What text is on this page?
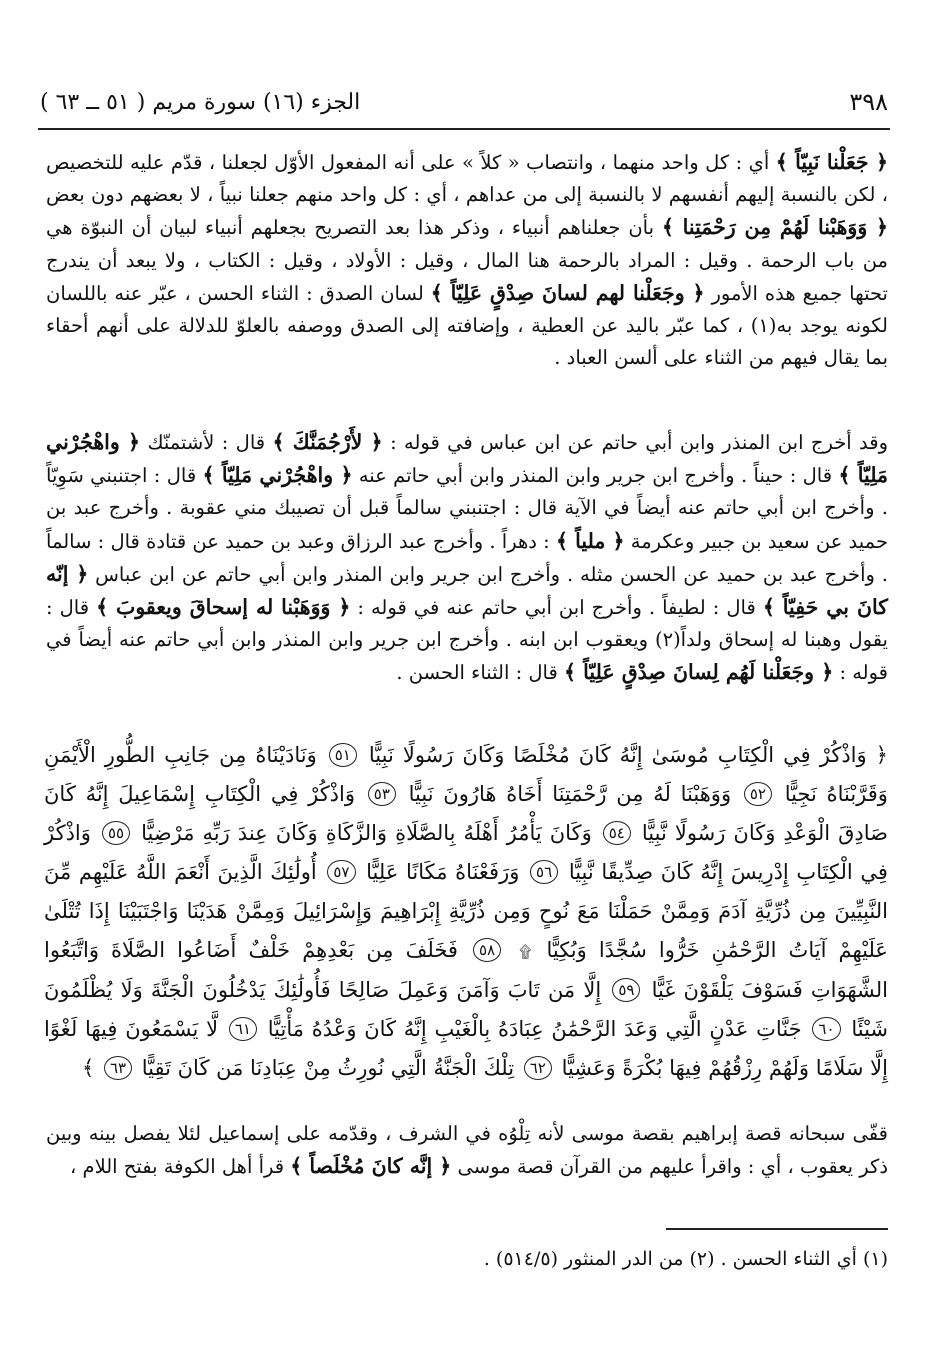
الجزء (١٦) سورة مريم ( ٥١ ــ ٦٣ )	٣٩٨
﴿ جَعَلْنا نَبِيّاً ﴾ أي : كل واحد منهما ، وانتصاب « كلاً » على أنه المفعول الأوّل لجعلنا ، قدّم عليه للتخصيص ، لكن بالنسبة إليهم أنفسهم لا بالنسبة إلى من عداهم ، أي : كل واحد منهم جعلنا نبياً ، لا بعضهم دون بعض ﴿ وَوَهَبْنا لَهُمْ مِن رَحْمَتِنا ﴾ بأن جعلناهم أنبياء ، وذكر هذا بعد التصريح بجعلهم أنبياء لبيان أن النبوّة هي من باب الرحمة . وقيل : المراد بالرحمة هنا المال ، وقيل : الأولاد ، وقيل : الكتاب ، ولا يبعد أن يندرج تحتها جميع هذه الأمور ﴿ وجَعَلْنا لهم لسانَ صِدْقٍ عَلِيّاً ﴾ لسان الصدق : الثناء الحسن ، عبّر عنه باللسان لكونه يوجد به(١) ، كما عبّر باليد عن العطية ، وإضافته إلى الصدق ووصفه بالعلوّ للدلالة على أنهم أحقاء بما يقال فيهم من الثناء على ألسن العباد .
وقد أخرج ابن المنذر وابن أبي حاتم عن ابن عباس في قوله : ﴿ لأَرْجُمَنَّكَ ﴾ قال : لأشتمنّك ﴿ واهْجُرْني مَلِيّاً ﴾ قال : حيناً . وأخرج ابن جرير وابن المنذر وابن أبي حاتم عنه ﴿ واهْجُرْني مَلِيّاً ﴾ قال : اجتنبني سَوِيّاً . وأخرج ابن أبي حاتم عنه أيضاً في الآية قال : اجتنبني سالماً قبل أن تصيبك مني عقوبة . وأخرج عبد بن حميد عن سعيد بن جبير وعكرمة ﴿ ملياً ﴾ : دهراً . وأخرج عبد الرزاق وعبد بن حميد عن قتادة قال : سالماً . وأخرج عبد بن حميد عن الحسن مثله . وأخرج ابن جرير وابن المنذر وابن أبي حاتم عن ابن عباس ﴿ إنّه كانَ بي حَفِيّاً ﴾ قال : لطيفاً . وأخرج ابن أبي حاتم عنه في قوله : ﴿ وَوَهَبْنا له إسحاقَ ويعقوبَ ﴾ قال : يقول وهبنا له إسحاق ولداً(٢) ويعقوب ابن ابنه . وأخرج ابن جرير وابن المنذر وابن أبي حاتم عنه أيضاً في قوله : ﴿ وجَعَلْنا لَهُم لِسانَ صِدْقٍ عَلِيّاً ﴾ قال : الثناء الحسن .
﴿ وَاذْكُرْ فِي الْكِتَابِ مُوسَىٰ إِنَّهُ كَانَ مُخْلَصًا وَكَانَ رَسُولًا نَبِيًّا ٥١ وَنَادَيْنَاهُ مِن جَانِبِ الطُّورِ الْأَيْمَنِ وَقَرَّبْنَاهُ نَجِيًّا ٥٢ وَوَهَبْنَا لَهُ مِن رَّحْمَتِنَا أَخَاهُ هَارُونَ نَبِيًّا ٥٣ وَاذْكُرْ فِي الْكِتَابِ إِسْمَاعِيلَ إِنَّهُ كَانَ صَادِقَ الْوَعْدِ وَكَانَ رَسُولًا نَّبِيًّا ٥٤ وَكَانَ يَأْمُرُ أَهْلَهُ بِالصَّلَاةِ وَالزَّكَاةِ وَكَانَ عِندَ رَبِّهِ مَرْضِيًّا ٥٥ وَاذْكُرْ فِي الْكِتَابِ إِدْرِيسَ إِنَّهُ كَانَ صِدِّيقًا نَّبِيًّا ٥٦ وَرَفَعْنَاهُ مَكَانًا عَلِيًّا ٥٧ أُولَٰئِكَ الَّذِينَ أَنْعَمَ اللَّهُ عَلَيْهِم مِّنَ النَّبِيِّينَ مِن ذُرِّيَّةِ آدَمَ وَمِمَّنْ حَمَلْنَا مَعَ نُوحٍ وَمِن ذُرِّيَّةِ إِبْرَاهِيمَ وَإِسْرَائِيلَ وَمِمَّنْ هَدَيْنَا وَاجْتَبَيْنَا إِذَا تُتْلَىٰ عَلَيْهِمْ آيَاتُ الرَّحْمَٰنِ خَرُّوا سُجَّدًا وَبُكِيًّا ۩ ٥٨ فَخَلَفَ مِن بَعْدِهِمْ خَلْفٌ أَضَاعُوا الصَّلَاةَ وَاتَّبَعُوا الشَّهَوَاتِ فَسَوْفَ يَلْقَوْنَ غَيًّا ٥٩ إِلَّا مَن تَابَ وَآمَنَ وَعَمِلَ صَالِحًا فَأُولَٰئِكَ يَدْخُلُونَ الْجَنَّةَ وَلَا يُظْلَمُونَ شَيْئًا ٦٠ جَنَّاتِ عَدْنٍ الَّتِي وَعَدَ الرَّحْمَٰنُ عِبَادَهُ بِالْغَيْبِ إِنَّهُ كَانَ وَعْدُهُ مَأْتِيًّا ٦١ لَّا يَسْمَعُونَ فِيهَا لَغْوًا إِلَّا سَلَامًا وَلَهُمْ رِزْقُهُمْ فِيهَا بُكْرَةً وَعَشِيًّا ٦٢ تِلْكَ الْجَنَّةُ الَّتِي نُورِثُ مِنْ عِبَادِنَا مَن كَانَ تَقِيًّا ٦٣ ﴾
قفّى سبحانه قصة إبراهيم بقصة موسى لأنه تِلْوُه في الشرف ، وقدّمه على إسماعيل لئلا يفصل بينه وبين ذكر يعقوب ، أي : واقرأ عليهم من القرآن قصة موسى ﴿ إنَّه كانَ مُخْلَصاً ﴾ قرأ أهل الكوفة بفتح اللام ،
(١) أي الثناء الحسن . (٢) من الدر المنثور (٥١٤/٥) .
